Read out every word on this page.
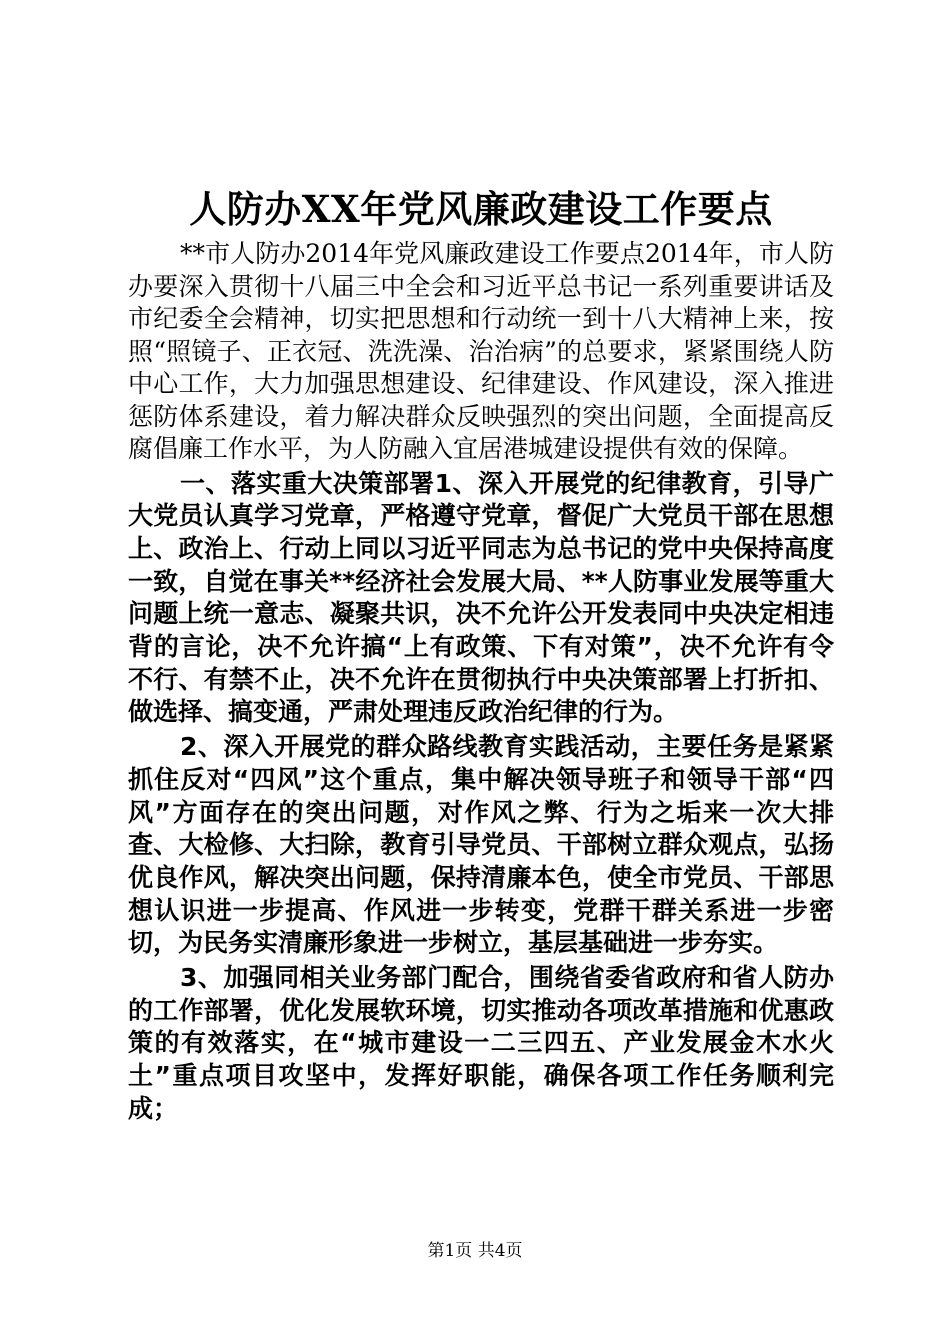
人防办XX年党风廉政建设工作要点

**市人防办2014年党风廉政建设工作要点2014年，市人防办要深入贯彻十八届三中全会和习近平总书记一系列重要讲话及市纪委全会精神，切实把思想和行动统一到十八大精神上来，按照“照镜子、正衣冠、洗洗澡、治治病”的总要求，紧紧围绕人防中心工作，大力加强思想建设、纪律建设、作风建设，深入推进惩防体系建设，着力解决群众反映强烈的突出问题，全面提高反腐倡廉工作水平，为人防融入宜居港城建设提供有效的保障。

一、落实重大决策部署1、深入开展党的纪律教育，引导广大党员认真学习党章，严格遵守党章，督促广大党员干部在思想上、政治上、行动上同以习近平同志为总书记的党中央保持高度一致，自觉在事关**经济社会发展大局、**人防事业发展等重大问题上统一意志、凝聚共识，决不允许公开发表同中央决定相违背的言论，决不允许搞“上有政策、下有对策”，决不允许有令不行、有禁不止，决不允许在贯彻执行中央决策部署上打折扣、做选择、搞变通，严肃处理违反政治纪律的行为。

2、深入开展党的群众路线教育实践活动，主要任务是紧紧抓住反对“四风”这个重点，集中解决领导班子和领导干部“四风”方面存在的突出问题，对作风之弊、行为之垢来一次大排查、大检修、大扫除，教育引导党员、干部树立群众观点，弘扬优良作风，解决突出问题，保持清廉本色，使全市党员、干部思想认识进一步提高、作风进一步转变，党群干群关系进一步密切，为民务实清廉形象进一步树立，基层基础进一步夯实。

3、加强同相关业务部门配合，围绕省委省政府和省人防办的工作部署，优化发展软环境，切实推动各项改革措施和优惠政策的有效落实，在“城市建设一二三四五、产业发展金木水火土”重点项目攻坚中，发挥好职能，确保各项工作任务顺利完成；

第1页 共4页
